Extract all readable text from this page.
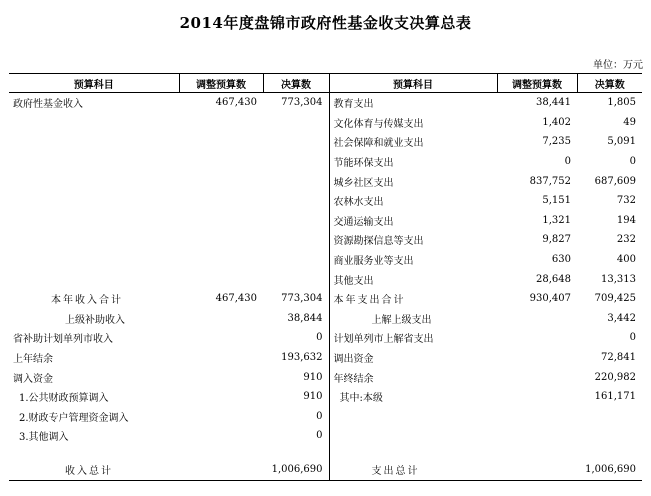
2014年度盘锦市政府性基金收支决算总表
单位：万元
预算科目	调整预算数	决算数	预算科目	调整预算数	决算数
政府性基金收入	467,430	773,304	教育支出	38,441	1,805
			文化体育与传媒支出	1,402	49
			社会保障和就业支出	7,235	5,091
			节能环保支出	0	0
			城乡社区支出	837,752	687,609
			农林水支出	5,151	732
			交通运输支出	1,321	194
			资源勘探信息等支出	9,827	232
			商业服务业等支出	630	400
			其他支出	28,648	13,313
本年收入合计	467,430	773,304	本年支出合计	930,407	709,425
上级补助收入		38,844	上解上级支出		3,442
省补助计划单列市收入		0	计划单列市上解省支出		0
上年结余		193,632	调出资金		72,841
调入资金		910	年终结余		220,982
1.公共财政预算调入		910	其中:本级		161,171
2.财政专户管理资金调入		0			
3.其他调入		0			

收入总计		1,006,690	支出总计		1,006,690
